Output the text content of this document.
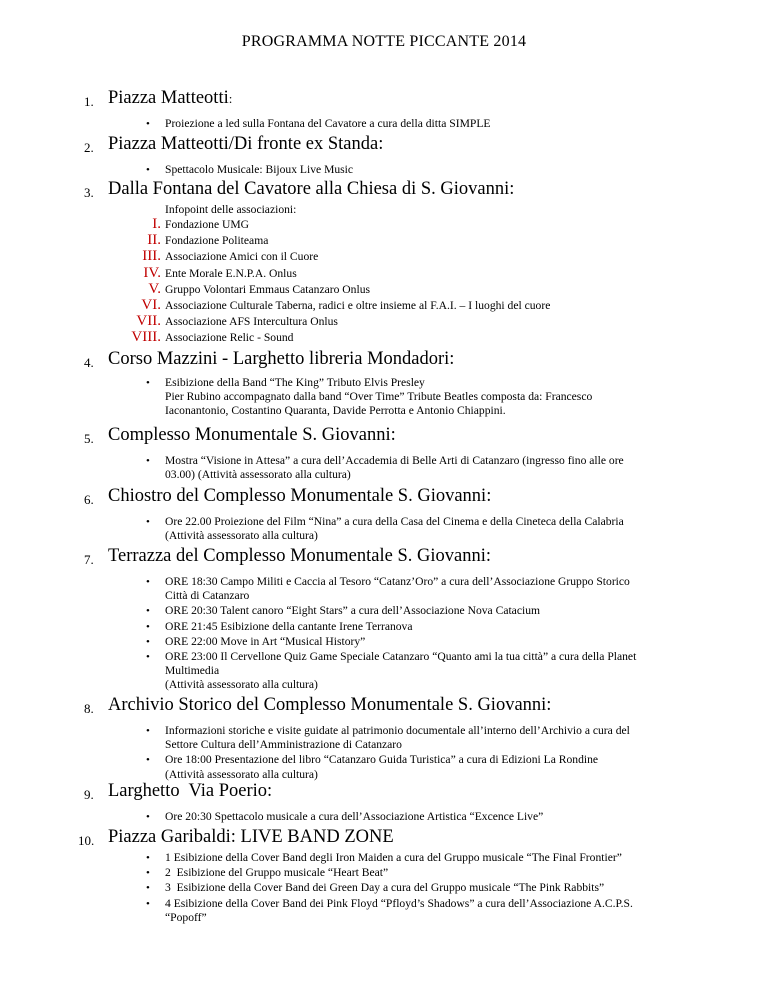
PROGRAMMA NOTTE PICCANTE 2014
1. Piazza Matteotti:
• Proiezione a led sulla Fontana del Cavatore a cura della ditta SIMPLE
2. Piazza Matteotti/Di fronte ex Standa:
• Spettacolo Musicale: Bijoux Live Music
3. Dalla Fontana del Cavatore alla Chiesa di S. Giovanni:
Infopoint delle associazioni:
I. Fondazione UMG
II. Fondazione Politeama
III. Associazione Amici con il Cuore
IV. Ente Morale E.N.P.A. Onlus
V. Gruppo Volontari Emmaus Catanzaro Onlus
VI. Associazione Culturale Taberna, radici e oltre insieme al F.A.I. – I luoghi del cuore
VII. Associazione AFS Intercultura Onlus
VIII. Associazione Relic - Sound
4. Corso Mazzini - Larghetto libreria Mondadori:
• Esibizione della Band “The King” Tributo Elvis Presley
Pier Rubino accompagnato dalla band “Over Time” Tribute Beatles composta da: Francesco
Iaconantonio, Costantino Quaranta, Davide Perrotta e Antonio Chiappini.
5. Complesso Monumentale S. Giovanni:
• Mostra “Visione in Attesa” a cura dell’Accademia di Belle Arti di Catanzaro (ingresso fino alle ore
03.00) (Attività assessorato alla cultura)
6. Chiostro del Complesso Monumentale S. Giovanni:
• Ore 22.00 Proiezione del Film “Nina” a cura della Casa del Cinema e della Cineteca della Calabria
(Attività assessorato alla cultura)
7. Terrazza del Complesso Monumentale S. Giovanni:
• ORE 18:30 Campo Militi e Caccia al Tesoro “Catanz’Oro” a cura dell’Associazione Gruppo Storico
Città di Catanzaro
• ORE 20:30 Talent canoro “Eight Stars” a cura dell’Associazione Nova Catacium
• ORE 21:45 Esibizione della cantante Irene Terranova
• ORE 22:00 Move in Art “Musical History”
• ORE 23:00 Il Cervellone Quiz Game Speciale Catanzaro “Quanto ami la tua città” a cura della Planet
Multimedia
(Attività assessorato alla cultura)
8. Archivio Storico del Complesso Monumentale S. Giovanni:
• Informazioni storiche e visite guidate al patrimonio documentale all’interno dell’Archivio a cura del
Settore Cultura dell’Amministrazione di Catanzaro
• Ore 18:00 Presentazione del libro “Catanzaro Guida Turistica” a cura di Edizioni La Rondine
(Attività assessorato alla cultura)
9. Larghetto  Via Poerio:
• Ore 20:30 Spettacolo musicale a cura dell’Associazione Artistica “Excence Live”
10. Piazza Garibaldi: LIVE BAND ZONE
• 1 Esibizione della Cover Band degli Iron Maiden a cura del Gruppo musicale “The Final Frontier”
• 2  Esibizione del Gruppo musicale “Heart Beat”
• 3  Esibizione della Cover Band dei Green Day a cura del Gruppo musicale “The Pink Rabbits”
• 4 Esibizione della Cover Band dei Pink Floyd “Pfloyd’s Shadows” a cura dell’Associazione A.C.P.S.
“Popoff”
